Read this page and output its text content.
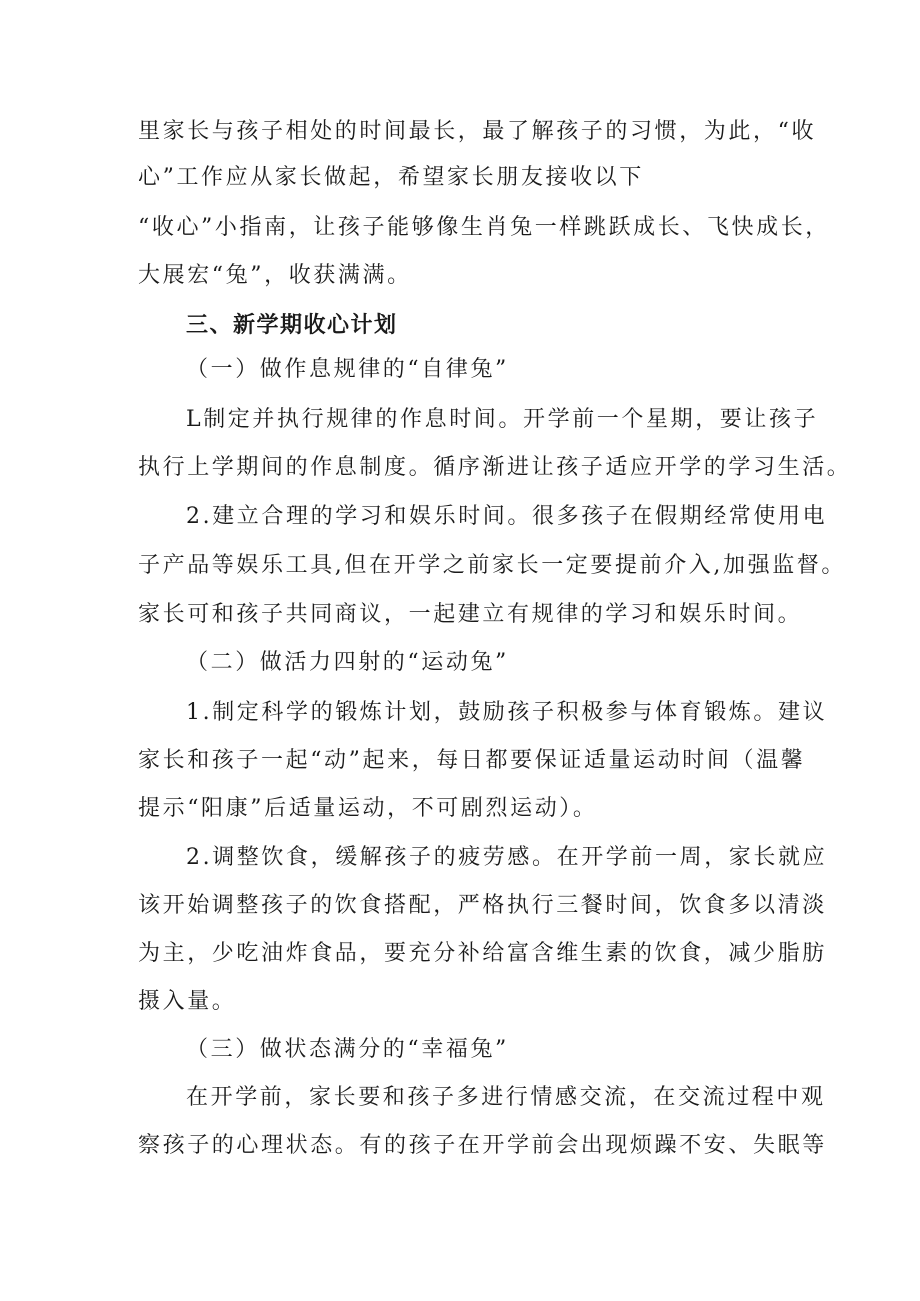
里家长与孩子相处的时间最长，最了解孩子的习惯，为此，“收
心”工作应从家长做起，希望家长朋友接收以下
“收心”小指南，让孩子能够像生肖兔一样跳跃成长、飞快成长，
大展宏“兔”，收获满满。
三、新学期收心计划
（一）做作息规律的“自律兔”
L制定并执行规律的作息时间。开学前一个星期，要让孩子
执行上学期间的作息制度。循序渐进让孩子适应开学的学习生活。
2.建立合理的学习和娱乐时间。很多孩子在假期经常使用电
子产品等娱乐工具,但在开学之前家长一定要提前介入,加强监督。
家长可和孩子共同商议，一起建立有规律的学习和娱乐时间。
（二）做活力四射的“运动兔”
1.制定科学的锻炼计划，鼓励孩子积极参与体育锻炼。建议
家长和孩子一起“动”起来，每日都要保证适量运动时间（温馨
提示“阳康”后适量运动，不可剧烈运动）。
2.调整饮食，缓解孩子的疲劳感。在开学前一周，家长就应
该开始调整孩子的饮食搭配，严格执行三餐时间，饮食多以清淡
为主，少吃油炸食品，要充分补给富含维生素的饮食，减少脂肪
摄入量。
（三）做状态满分的“幸福兔”
在开学前，家长要和孩子多进行情感交流，在交流过程中观
察孩子的心理状态。有的孩子在开学前会出现烦躁不安、失眠等
